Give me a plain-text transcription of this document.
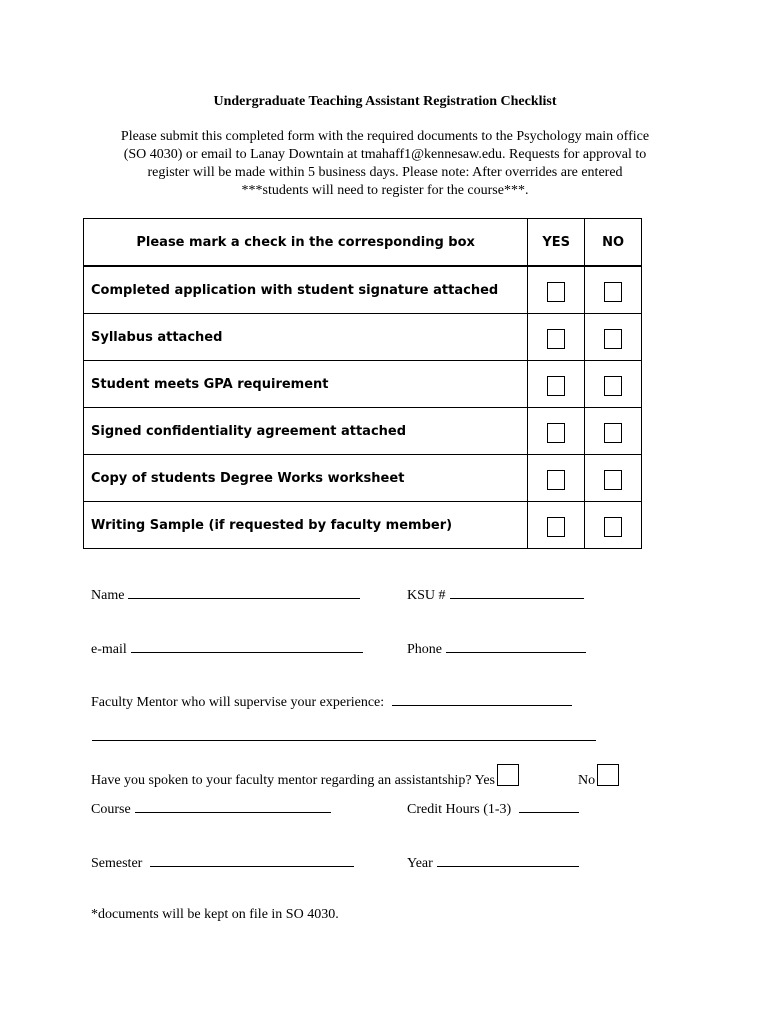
Undergraduate Teaching Assistant Registration Checklist
Please submit this completed form with the required documents to the Psychology main office
(SO 4030) or email to Lanay Downtain at tmahaff1@kennesaw.edu. Requests for approval to
register will be made within 5 business days. Please note: After overrides are entered
***students will need to register for the course***.
Please mark a check in the corresponding box	YES	NO

Completed application with student signature attached		

Syllabus attached		

Student meets GPA requirement		

Signed confidentiality agreement attached		

Copy of students Degree Works worksheet		

Writing Sample (if requested by faculty member)		

Name	KSU #
e-mail	Phone
Faculty Mentor who will supervise your experience:
Have you spoken to your faculty mentor regarding an assistantship? Yes	No
Course	Credit Hours (1-3)
Semester	Year
*documents will be kept on file in SO 4030.
